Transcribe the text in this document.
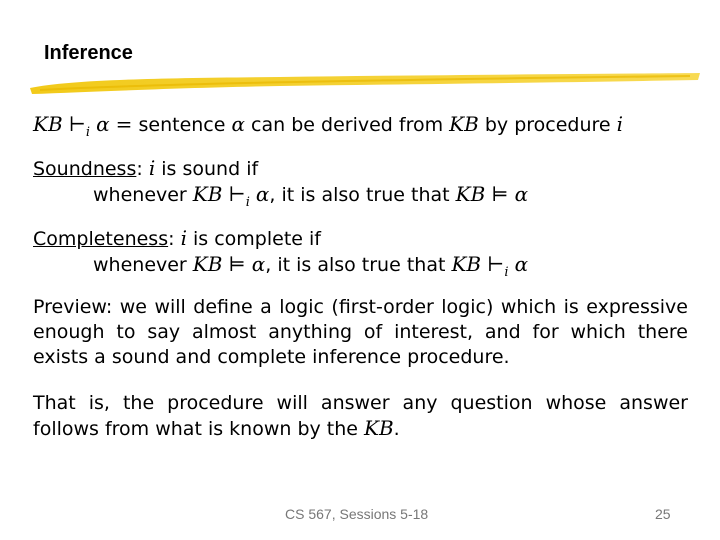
Inference
KB $⊢_i$ α = sentence α can be derived from KB by procedure i
Soundness: i is sound if
whenever KB $⊢_i$ α, it is also true that KB ⊨ α
Completeness: i is complete if
whenever KB ⊨ α, it is also true that KB $⊢_i$ α
Preview: we will define a logic (first-order logic) which is expressive enough to say almost anything of interest, and for which there exists a sound and complete inference procedure.
That is, the procedure will answer any question whose answer follows from what is known by the KB.
CS 567, Sessions 5-18	25
